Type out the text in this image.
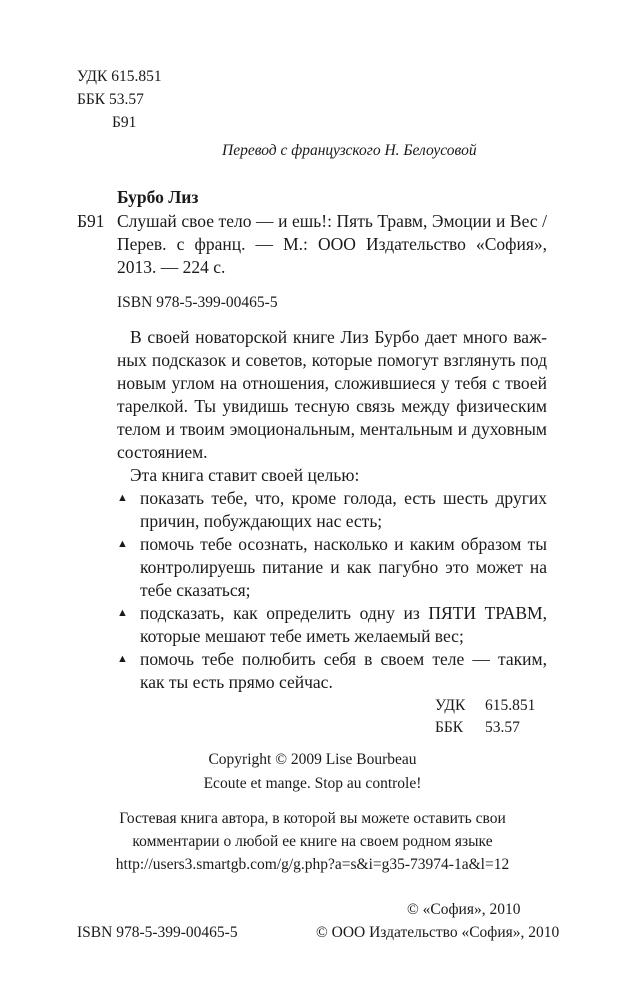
УДК 615.851
ББК 53.57
Б91
Перевод с французского Н. Белоусовой
Бурбо Лиз
Б91 Слушай свое тело — и ешь!: Пять Травм, Эмоции и Вес /
Перев. с франц. — М.: ООО Издательство «София»,
2013. — 224 с.
ISBN 978-5-399-00465-5
В своей новаторской книге Лиз Бурбо дает много важ-
ных подсказок и советов, которые помогут взглянуть под
новым углом на отношения, сложившиеся у тебя с твоей
тарелкой. Ты увидишь тесную связь между физическим
телом и твоим эмоциональным, ментальным и духовным
состоянием.
Эта книга ставит своей целью:
▲ показать тебе, что, кроме голода, есть шесть других
причин, побуждающих нас есть;
▲ помочь тебе осознать, насколько и каким образом ты
контролируешь питание и как пагубно это может на
тебе сказаться;
▲ подсказать, как определить одну из ПЯТИ ТРАВМ,
которые мешают тебе иметь желаемый вес;
▲ помочь тебе полюбить себя в своем теле — таким,
как ты есть прямо сейчас.
УДК 615.851
ББК 53.57
Copyright © 2009 Lise Bourbeau
Ecoute et mange. Stop au controle!
Гостевая книга автора, в которой вы можете оставить свои
комментарии о любой ее книге на своем родном языке
http://users3.smartgb.com/g/g.php?a=s&i=g35-73974-1a&l=12
© «София», 2010
ISBN 978-5-399-00465-5	© ООО Издательство «София», 2010
